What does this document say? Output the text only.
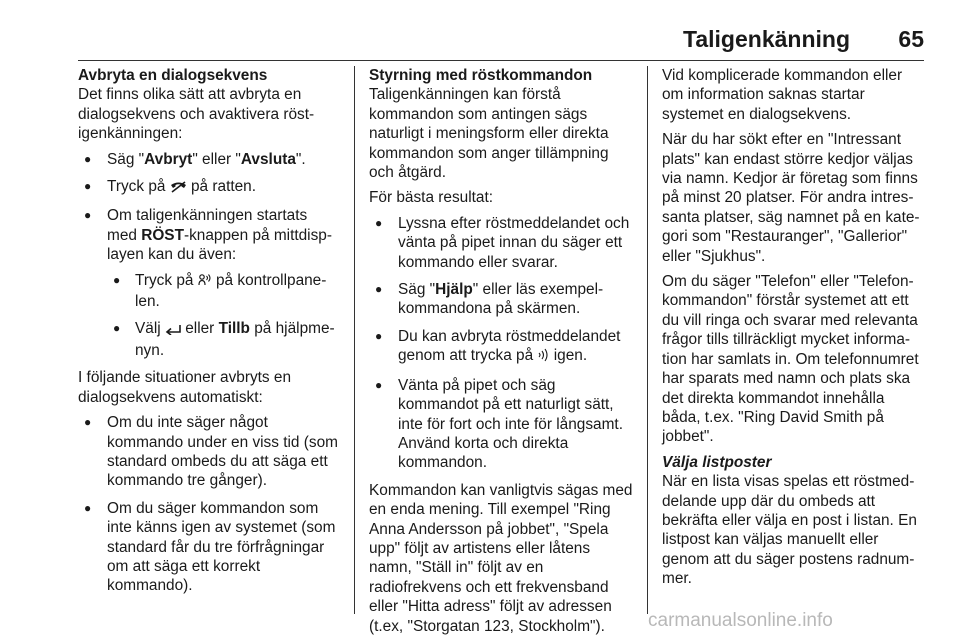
Taligenkänning 65

Avbryta en dialogsekvens

Det finns olika sätt att avbryta en dialogsekvens och avaktivera röst-igenkänningen:

● Säg "Avbryt" eller "Avsluta".
● Tryck på  på ratten.
● Om taligenkänningen startats med RÖST-knappen på mittdisp-layen kan du även:
● Tryck på  på kontrollpane-len.
● Välj  eller Tillb på hjälpme-nyn.

I följande situationer avbryts en dialogsekvens automatiskt:

● Om du inte säger något kommando under en viss tid (som standard ombeds du att säga ett kommando tre gånger).
● Om du säger kommandon som inte känns igen av systemet (som standard får du tre förfrågningar om att säga ett korrekt kommando).

Styrning med röstkommandon

Taligenkänningen kan förstå kommandon som antingen sägs naturligt i meningsform eller direkta kommandon som anger tillämpning och åtgärd.

För bästa resultat:

● Lyssna efter röstmeddelandet och vänta på pipet innan du säger ett kommando eller svarar.
● Säg "Hjälp" eller läs exempel-kommandona på skärmen.
● Du kan avbryta röstmeddelandet genom att trycka på  igen.
● Vänta på pipet och säg kommandot på ett naturligt sätt, inte för fort och inte för långsamt. Använd korta och direkta kommandon.

Kommandon kan vanligtvis sägas med en enda mening. Till exempel "Ring Anna Andersson på jobbet", "Spela upp" följt av artistens eller låtens namn, "Ställ in" följt av en radiofrekvens och ett frekvensband eller "Hitta adress" följt av adressen (t.ex, "Storgatan 123, Stockholm").

Vid komplicerade kommandon eller om information saknas startar systemet en dialogsekvens.

När du har sökt efter en "Intressant plats" kan endast större kedjor väljas via namn. Kedjor är företag som finns på minst 20 platser. För andra intres-santa platser, säg namnet på en kate-gori som "Restauranger", "Gallerior" eller "Sjukhus".

Om du säger "Telefon" eller "Telefon-kommandon" förstår systemet att ett du vill ringa och svarar med relevanta frågor tills tillräckligt mycket informa-tion har samlats in. Om telefonnumret har sparats med namn och plats ska det direkta kommandot innehålla båda, t.ex. "Ring David Smith på jobbet".

Välja listposter

När en lista visas spelas ett röstmed-delande upp där du ombeds att bekräfta eller välja en post i listan. En listpost kan väljas manuellt eller genom att du säger postens radnum-mer.

carmanualsonline.info
